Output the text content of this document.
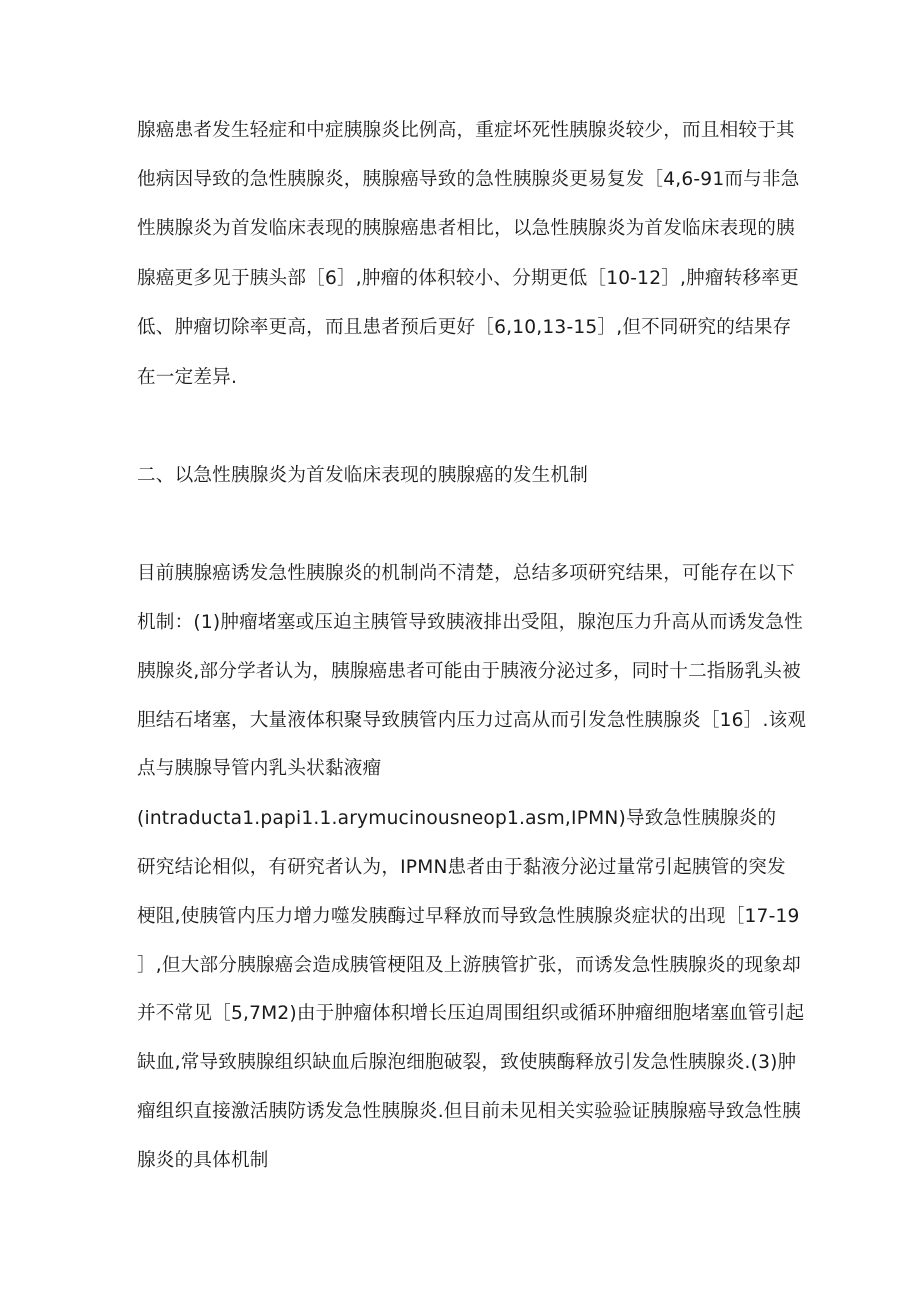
腺癌患者发生轻症和中症胰腺炎比例高，重症坏死性胰腺炎较少，而且相较于其
他病因导致的急性胰腺炎，胰腺癌导致的急性胰腺炎更易复发［4,6-91而与非急
性胰腺炎为首发临床表现的胰腺癌患者相比，以急性胰腺炎为首发临床表现的胰
腺癌更多见于胰头部［6］,肿瘤的体积较小、分期更低［10-12］,肿瘤转移率更
低、肿瘤切除率更高，而且患者预后更好［6,10,13-15］,但不同研究的结果存
在一定差异.
二、以急性胰腺炎为首发临床表现的胰腺癌的发生机制
目前胰腺癌诱发急性胰腺炎的机制尚不清楚，总结多项研究结果，可能存在以下
机制：(1)肿瘤堵塞或压迫主胰管导致胰液排出受阻，腺泡压力升高从而诱发急性
胰腺炎,部分学者认为，胰腺癌患者可能由于胰液分泌过多，同时十二指肠乳头被
胆结石堵塞，大量液体积聚导致胰管内压力过高从而引发急性胰腺炎［16］.该观
点与胰腺导管内乳头状黏液瘤
(intraducta1.papi1.1.arymucinousneop1.asm,IPMN)导致急性胰腺炎的
研究结论相似，有研究者认为，IPMN患者由于黏液分泌过量常引起胰管的突发
梗阻,使胰管内压力增力噬发胰酶过早释放而导致急性胰腺炎症状的出现［17-19
］,但大部分胰腺癌会造成胰管梗阻及上游胰管扩张，而诱发急性胰腺炎的现象却
并不常见［5,7M2)由于肿瘤体积增长压迫周围组织或循环肿瘤细胞堵塞血管引起
缺血,常导致胰腺组织缺血后腺泡细胞破裂，致使胰酶释放引发急性胰腺炎.(3)肿
瘤组织直接激活胰防诱发急性胰腺炎.但目前未见相关实验验证胰腺癌导致急性胰
腺炎的具体机制
